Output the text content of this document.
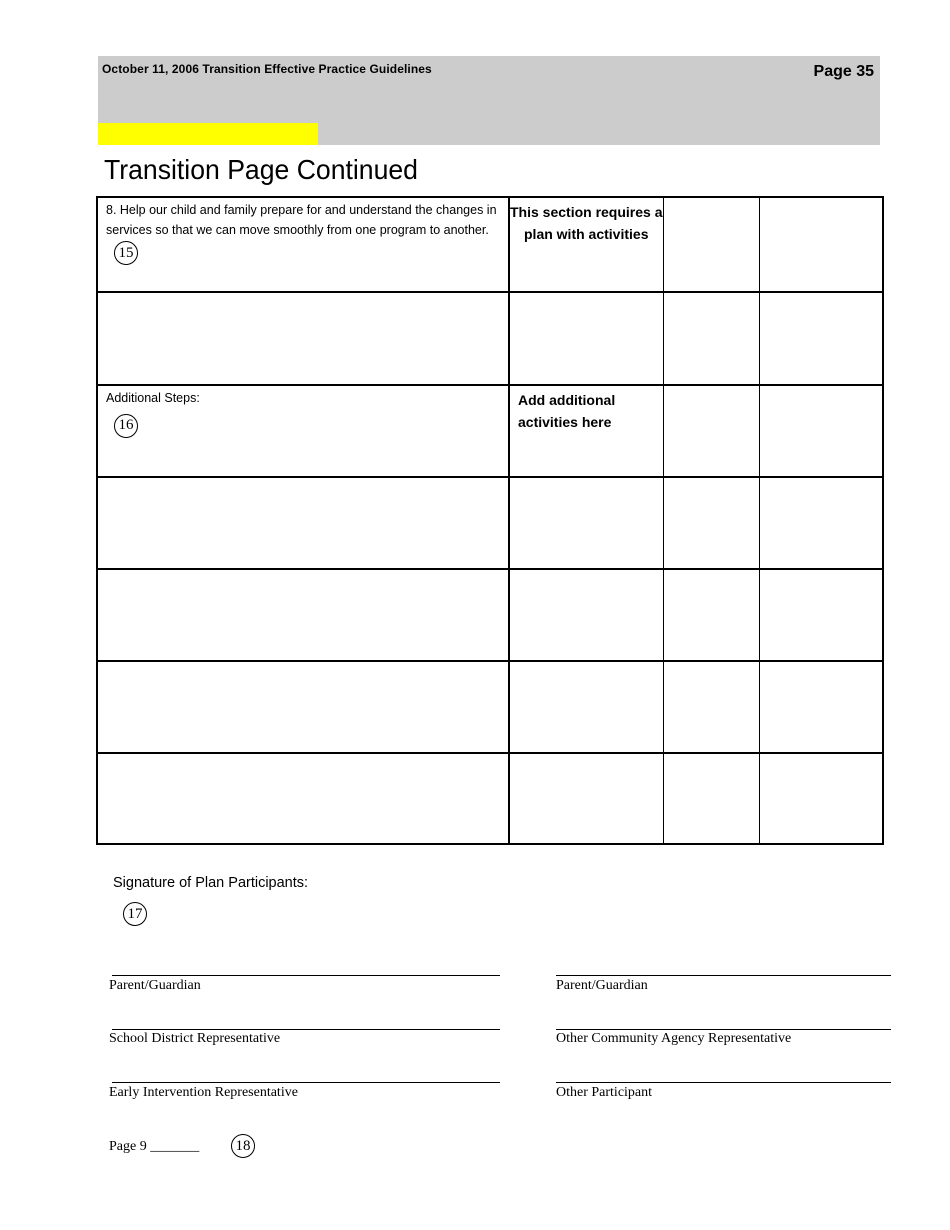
October 11, 2006 Transition Effective Practice Guidelines	Page 35
Transition Page Continued
8. Help our child and family prepare for and understand the changes in services so that we can move smoothly from one program to another.
15	This section requires a plan with activities		

Additional Steps:
16	Add additional activities here		

Signature of Plan Participants:
17
Parent/Guardian
School District Representative
Early Intervention Representative
Parent/Guardian
Other Community Agency Representative
Other Participant
Page 9 _______	18
